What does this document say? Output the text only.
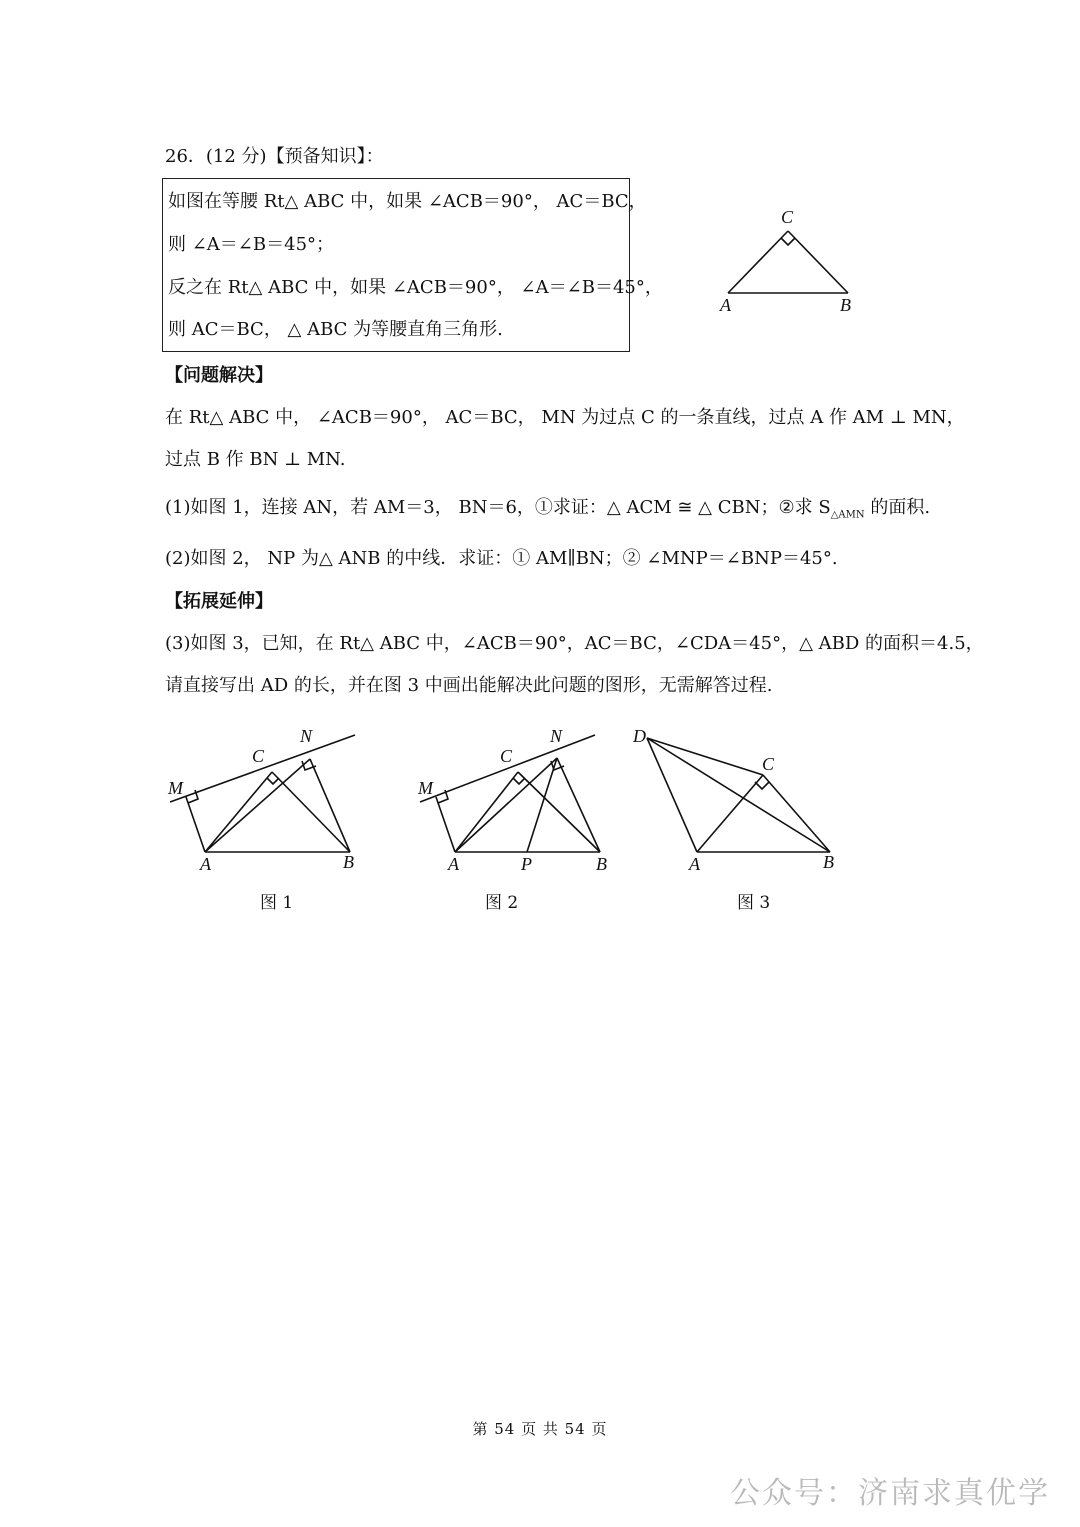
26．(12 分)【预备知识】：
如图在等腰 Rt△ ABC 中，如果 ∠ACB＝90°， AC＝BC，
则 ∠A＝∠B＝45°；
反之在 Rt△ ABC 中，如果 ∠ACB＝90°， ∠A＝∠B＝45°，
则 AC＝BC， △ ABC 为等腰直角三角形.
C
A	B
【问题解决】
在 Rt△ ABC 中， ∠ACB＝90°， AC＝BC， MN 为过点 C 的一条直线，过点 A 作 AM ⊥ MN，
过点 B 作 BN ⊥ MN.
(1)如图 1，连接 AN，若 AM＝3， BN＝6，①求证：△ ACM ≅ △ CBN；②求 $S_{\triangle AMN}$ 的面积.
(2)如图 2， NP 为△ ANB 的中线．求证：① AM∥BN；② ∠MNP＝∠BNP＝45°.
【拓展延伸】
(3)如图 3，已知，在 Rt△ ABC 中，∠ACB＝90°，AC＝BC，∠CDA＝45°，△ ABD 的面积＝4.5，
请直接写出 AD 的长，并在图 3 中画出能解决此问题的图形，无需解答过程.
M
N
C
A	B
图 1
M
N
C
A	P	B
图 2
D
C
A	B
图 3
第 54 页 共 54 页
公众号：济南求真优学
